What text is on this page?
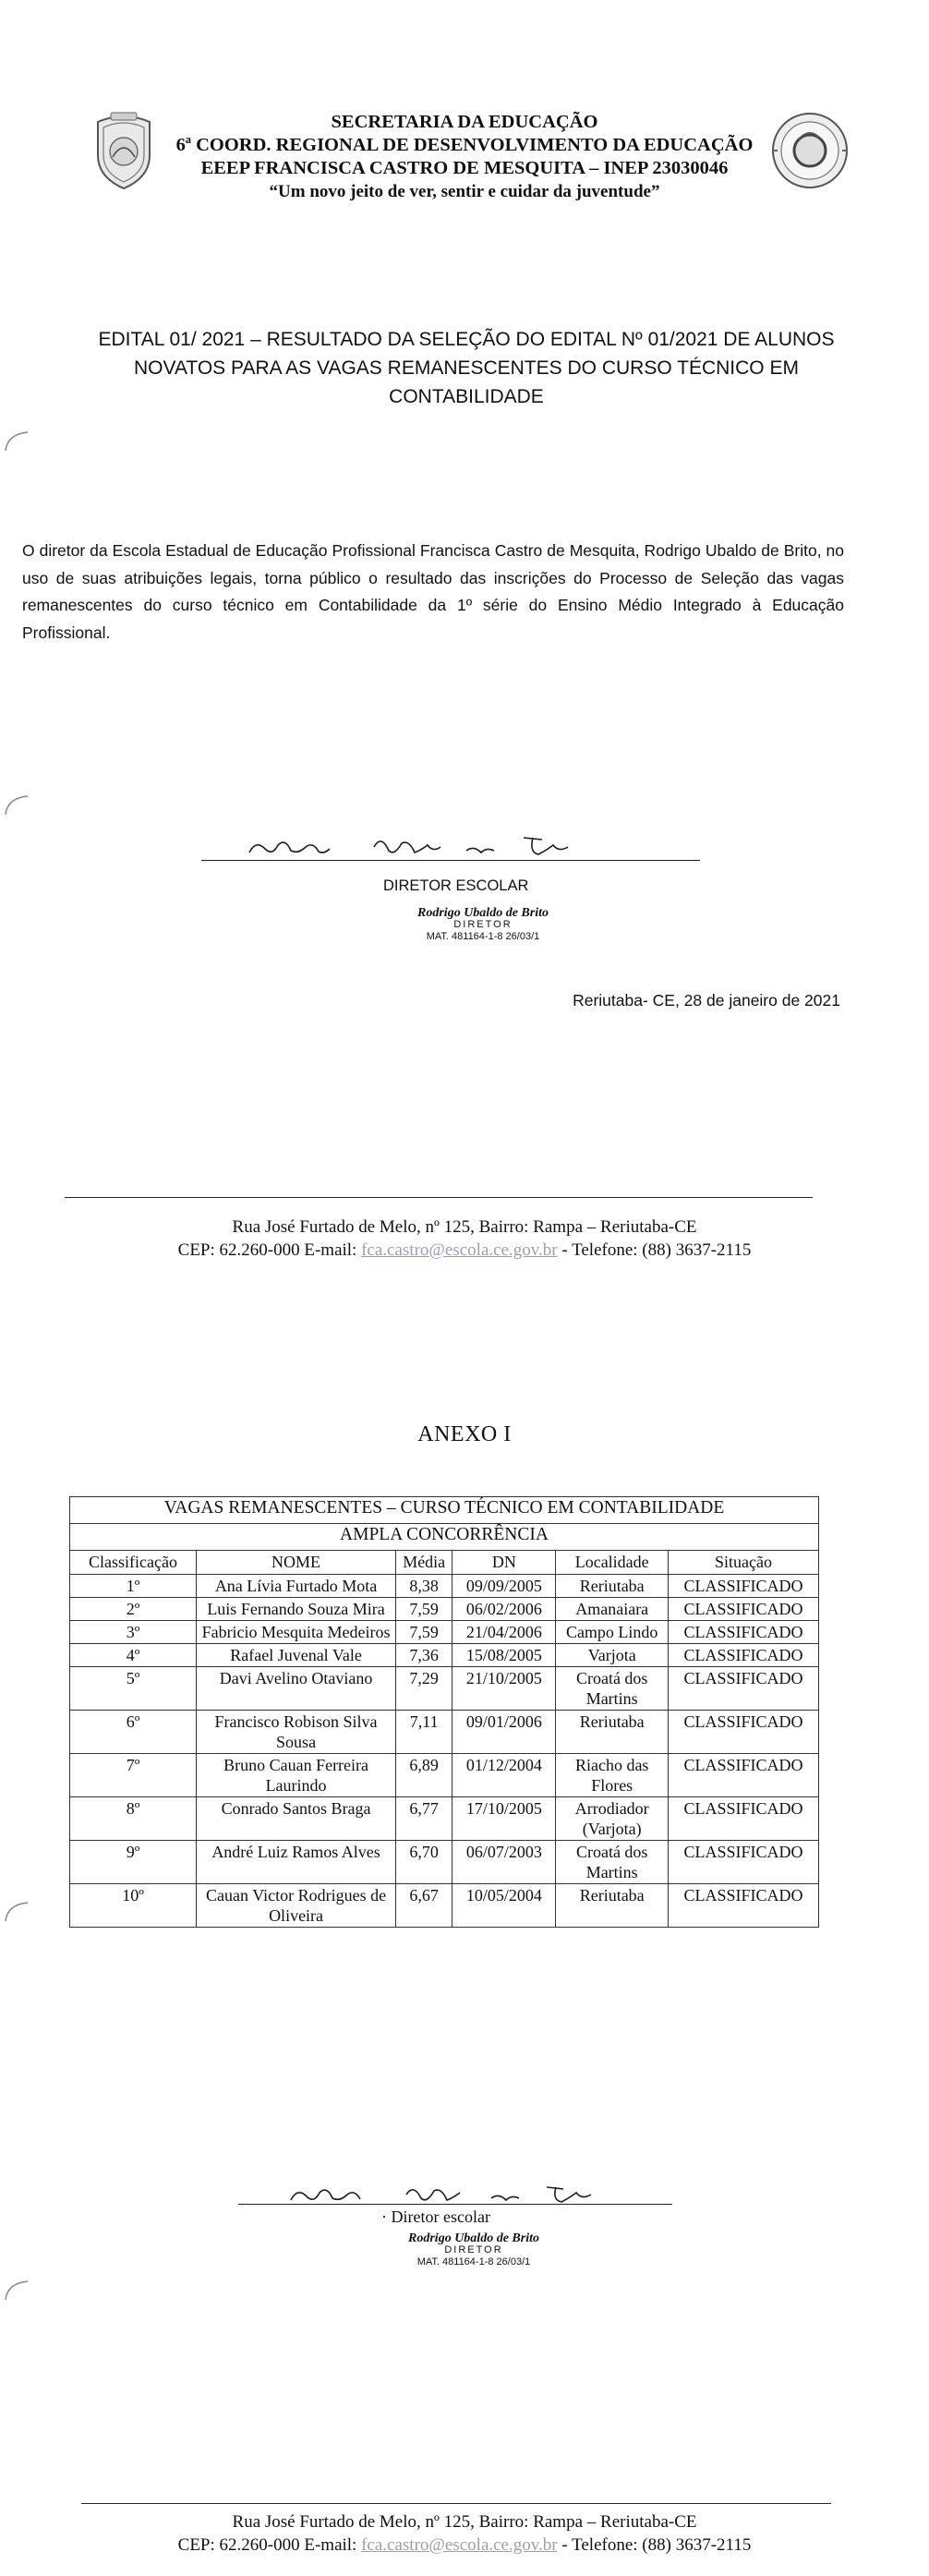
SECRETARIA DA EDUCAÇÃO
6ª COORD. REGIONAL DE DESENVOLVIMENTO DA EDUCAÇÃO
EEEP FRANCISCA CASTRO DE MESQUITA – INEP 23030046
“Um novo jeito de ver, sentir e cuidar da juventude”
EDITAL 01/ 2021 – RESULTADO DA SELEÇÃO DO EDITAL Nº 01/2021 DE ALUNOS NOVATOS PARA AS VAGAS REMANESCENTES DO CURSO TÉCNICO EM CONTABILIDADE
O diretor da Escola Estadual de Educação Profissional Francisca Castro de Mesquita, Rodrigo Ubaldo de Brito, no uso de suas atribuições legais, torna público o resultado das inscrições do Processo de Seleção das vagas remanescentes do curso técnico em Contabilidade da 1º série do Ensino Médio Integrado à Educação Profissional.
DIRETOR ESCOLAR
Rodrigo Ubaldo de Brito
DIRETOR
MAT. 481164-1-8 26/03/1
Reriutaba- CE, 28 de janeiro de 2021
Rua José Furtado de Melo, nº 125, Bairro: Rampa – Reriutaba-CE
CEP: 62.260-000 E-mail: fca.castro@escola.ce.gov.br - Telefone: (88) 3637-2115
ANEXO I
VAGAS REMANESCENTES – CURSO TÉCNICO EM CONTABILIDADE					
AMPLA CONCORRÊNCIA					
Classificação	NOME	Média	DN	Localidade	Situação
1º	Ana Lívia Furtado Mota	8,38	09/09/2005	Reriutaba	CLASSIFICADO
2º	Luis Fernando Souza Mira	7,59	06/02/2006	Amanaiara	CLASSIFICADO
3º	Fabricio Mesquita Medeiros	7,59	21/04/2006	Campo Lindo	CLASSIFICADO
4º	Rafael Juvenal Vale	7,36	15/08/2005	Varjota	CLASSIFICADO
5º	Davi Avelino Otaviano	7,29	21/10/2005	Croatá dos Martins	CLASSIFICADO
6º	Francisco Robison Silva Sousa	7,11	09/01/2006	Reriutaba	CLASSIFICADO
7º	Bruno Cauan Ferreira Laurindo	6,89	01/12/2004	Riacho das Flores	CLASSIFICADO
8º	Conrado Santos Braga	6,77	17/10/2005	Arrodiador (Varjota)	CLASSIFICADO
9º	André Luiz Ramos Alves	6,70	06/07/2003	Croatá dos Martins	CLASSIFICADO
10º	Cauan Victor Rodrigues de Oliveira	6,67	10/05/2004	Reriutaba	CLASSIFICADO
· Diretor escolar
Rodrigo Ubaldo de Brito
DIRETOR
MAT. 481164-1-8 26/03/1
Rua José Furtado de Melo, nº 125, Bairro: Rampa – Reriutaba-CE
CEP: 62.260-000 E-mail: fca.castro@escola.ce.gov.br - Telefone: (88) 3637-2115
